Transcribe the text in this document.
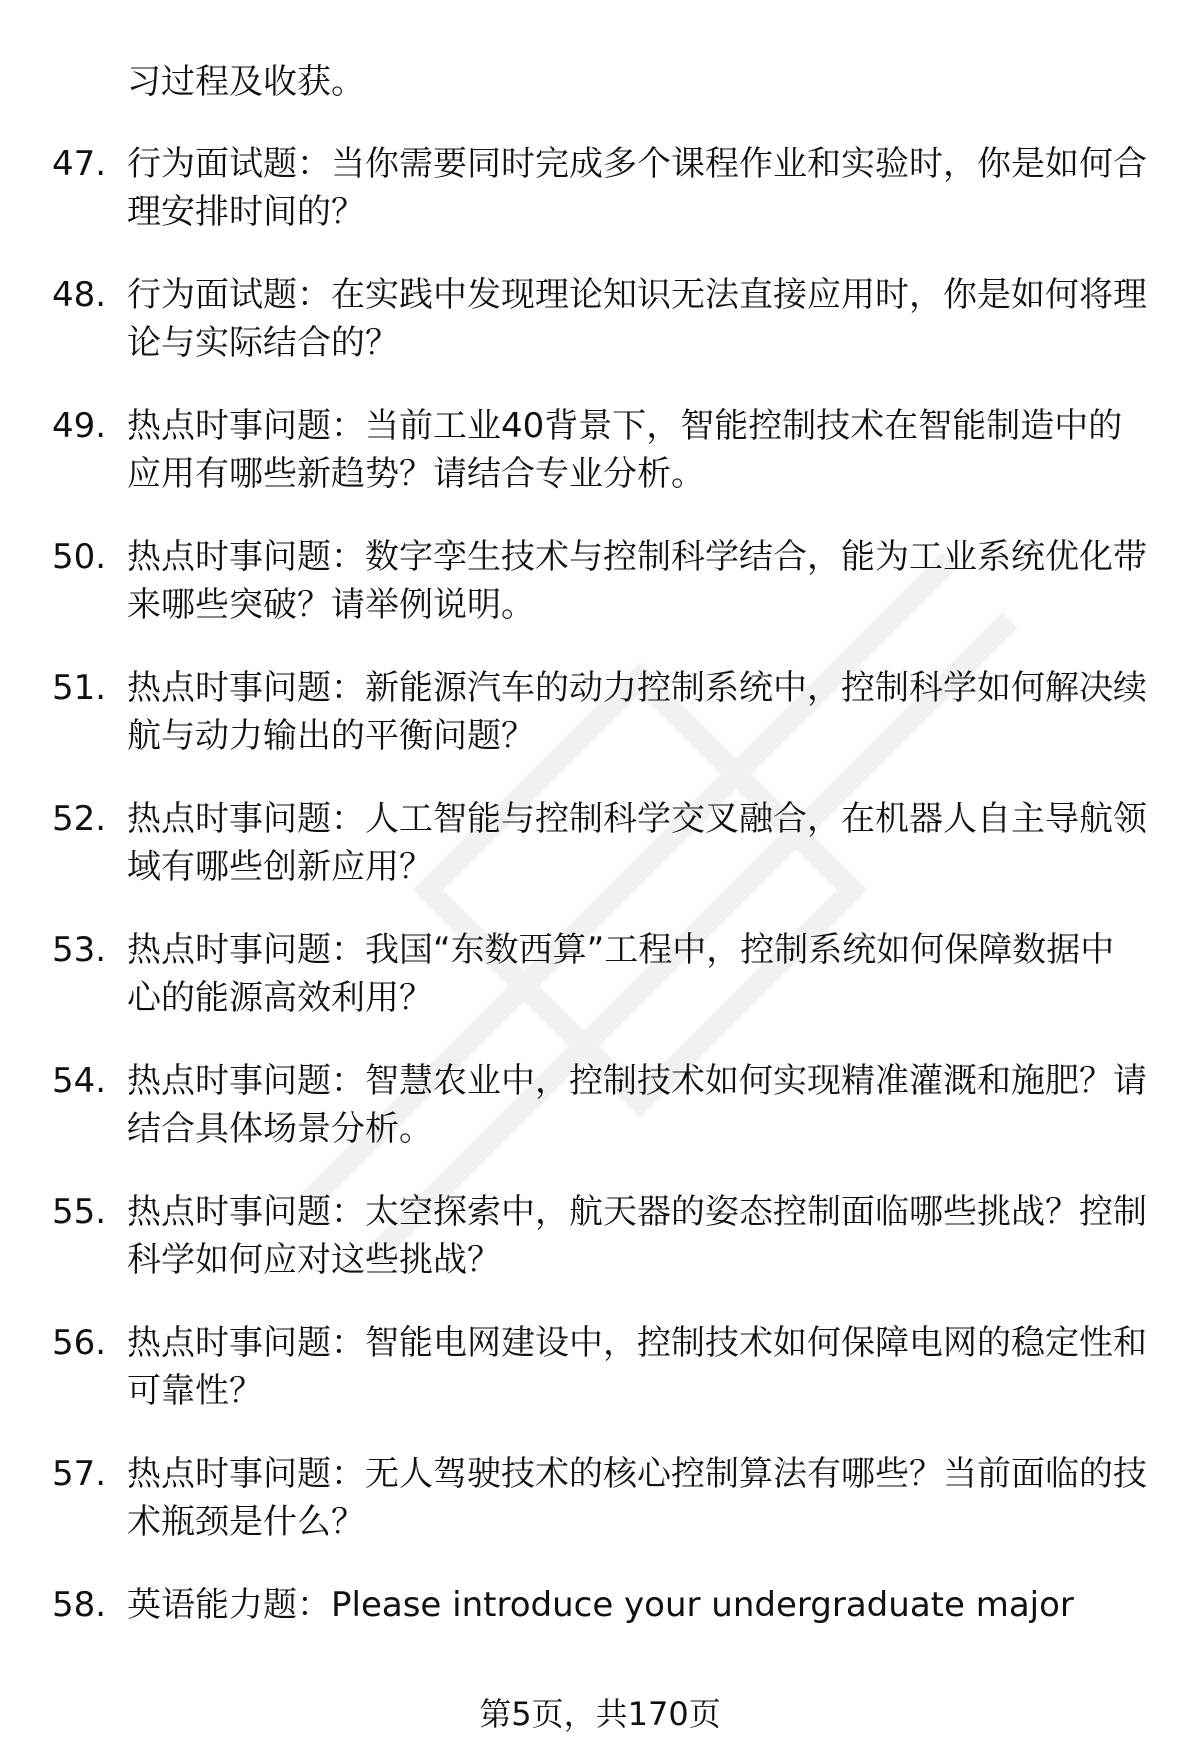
习过程及收获。
47. 行为面试题：当你需要同时完成多个课程作业和实验时，你是如何合理安排时间的？
48. 行为面试题：在实践中发现理论知识无法直接应用时，你是如何将理论与实际结合的？
49. 热点时事问题：当前工业40背景下，智能控制技术在智能制造中的应用有哪些新趋势？请结合专业分析。
50. 热点时事问题：数字孪生技术与控制科学结合，能为工业系统优化带来哪些突破？请举例说明。
51. 热点时事问题：新能源汽车的动力控制系统中，控制科学如何解决续航与动力输出的平衡问题？
52. 热点时事问题：人工智能与控制科学交叉融合，在机器人自主导航领域有哪些创新应用？
53. 热点时事问题：我国“东数西算”工程中，控制系统如何保障数据中心的能源高效利用？
54. 热点时事问题：智慧农业中，控制技术如何实现精准灌溉和施肥？请结合具体场景分析。
55. 热点时事问题：太空探索中，航天器的姿态控制面临哪些挑战？控制科学如何应对这些挑战？
56. 热点时事问题：智能电网建设中，控制技术如何保障电网的稳定性和可靠性？
57. 热点时事问题：无人驾驶技术的核心控制算法有哪些？当前面临的技术瓶颈是什么？
58. 英语能力题：Please introduce your undergraduate major
第5页，共170页
